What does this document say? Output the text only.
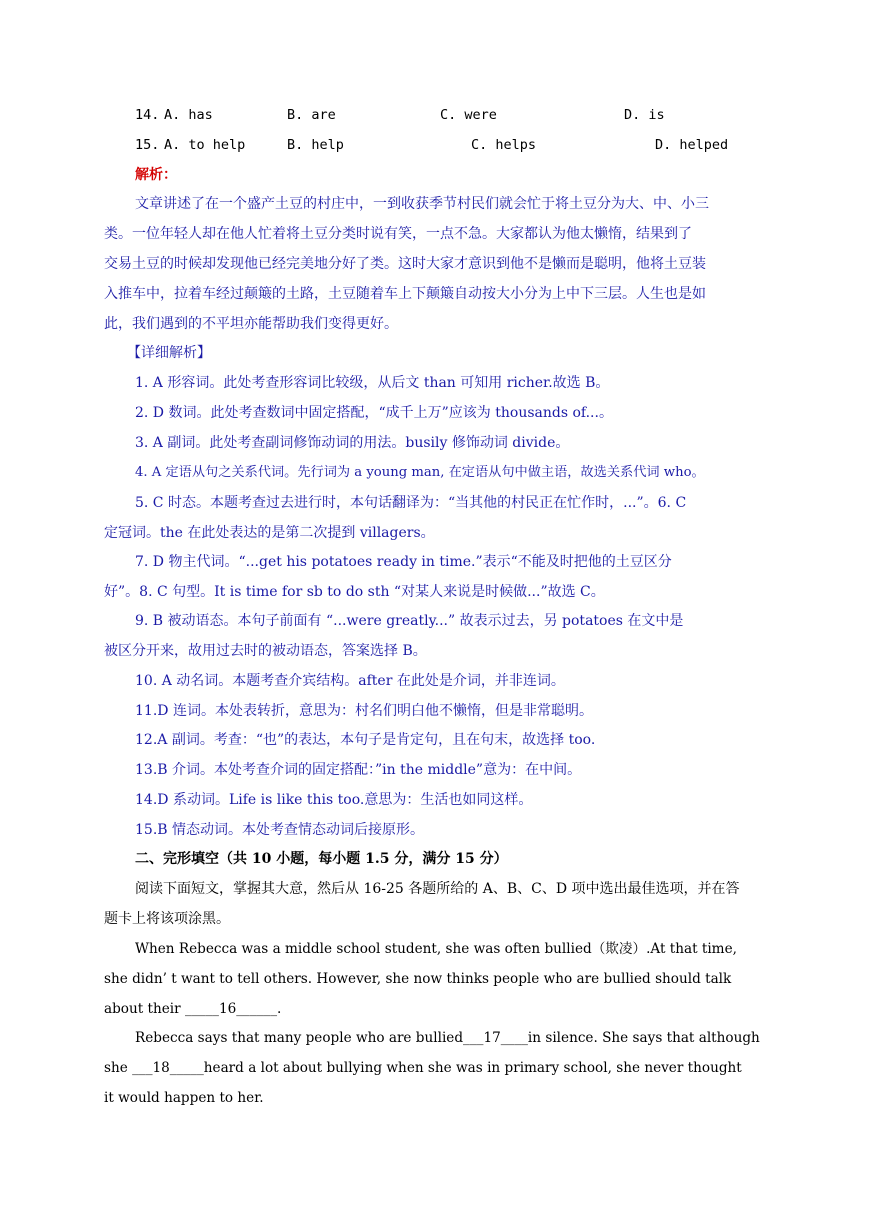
14. A. has	B. are	C. were	D. is
15. A. to help	B. help	C. helps	D. helped
解析：
文章讲述了在一个盛产土豆的村庄中，一到收获季节村民们就会忙于将土豆分为大、中、小三
类。一位年轻人却在他人忙着将土豆分类时说有笑，一点不急。大家都认为他太懒惰，结果到了
交易土豆的时候却发现他已经完美地分好了类。这时大家才意识到他不是懒而是聪明，他将土豆装
入推车中，拉着车经过颠簸的土路，土豆随着车上下颠簸自动按大小分为上中下三层。人生也是如
此，我们遇到的不平坦亦能帮助我们变得更好。
【详细解析】
1. A 形容词。此处考查形容词比较级，从后文 than 可知用 richer.故选 B。
2. D 数词。此处考查数词中固定搭配，“成千上万”应该为 thousands of...。
3. A 副词。此处考查副词修饰动词的用法。busily 修饰动词 divide。
4. A 定语从句之关系代词。先行词为 a young man, 在定语从句中做主语，故选关系代词 who。
5. C 时态。本题考查过去进行时，本句话翻译为：“当其他的村民正在忙作时，...”。6. C
定冠词。the 在此处表达的是第二次提到 villagers。
7. D 物主代词。“...get his potatoes ready in time.”表示“不能及时把他的土豆区分
好”。8. C 句型。It is time for sb to do sth “对某人来说是时候做...”故选 C。
9. B 被动语态。本句子前面有 “...were greatly...” 故表示过去，另 potatoes 在文中是
被区分开来，故用过去时的被动语态，答案选择 B。
10. A 动名词。本题考查介宾结构。after 在此处是介词，并非连词。
11.D 连词。本处表转折，意思为：村名们明白他不懒惰，但是非常聪明。
12.A 副词。考查：“也”的表达，本句子是肯定句，且在句末，故选择 too.
13.B 介词。本处考查介词的固定搭配：”in the middle”意为：在中间。
14.D 系动词。Life is like this too.意思为：生活也如同这样。
15.B 情态动词。本处考查情态动词后接原形。
二、完形填空（共 10 小题，每小题 1.5 分，满分 15 分）
阅读下面短文，掌握其大意，然后从 16-25 各题所给的 A、B、C、D 项中选出最佳选项，并在答
题卡上将该项涂黑。
When Rebecca was a middle school student, she was often bullied（欺凌）.At that time,
she didn’ t want to tell others. However, she now thinks people who are bullied should talk
about their _____16______.
Rebecca says that many people who are bullied___17____in silence. She says that although
she ___18_____heard a lot about bullying when she was in primary school, she never thought
it would happen to her.
